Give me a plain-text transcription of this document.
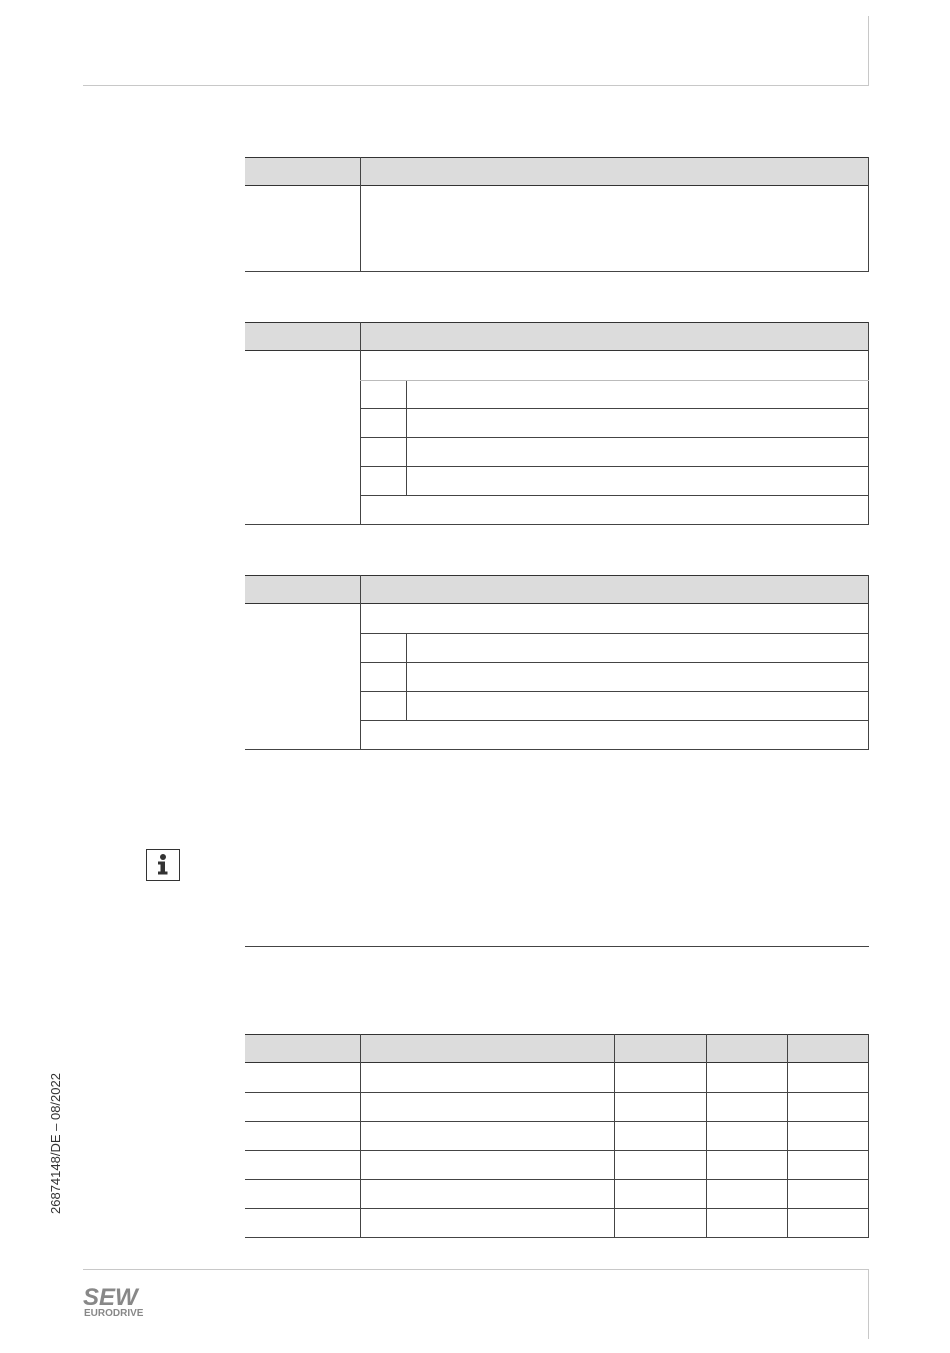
26874148/DE – 08/2022
SEW
EURODRIVE
